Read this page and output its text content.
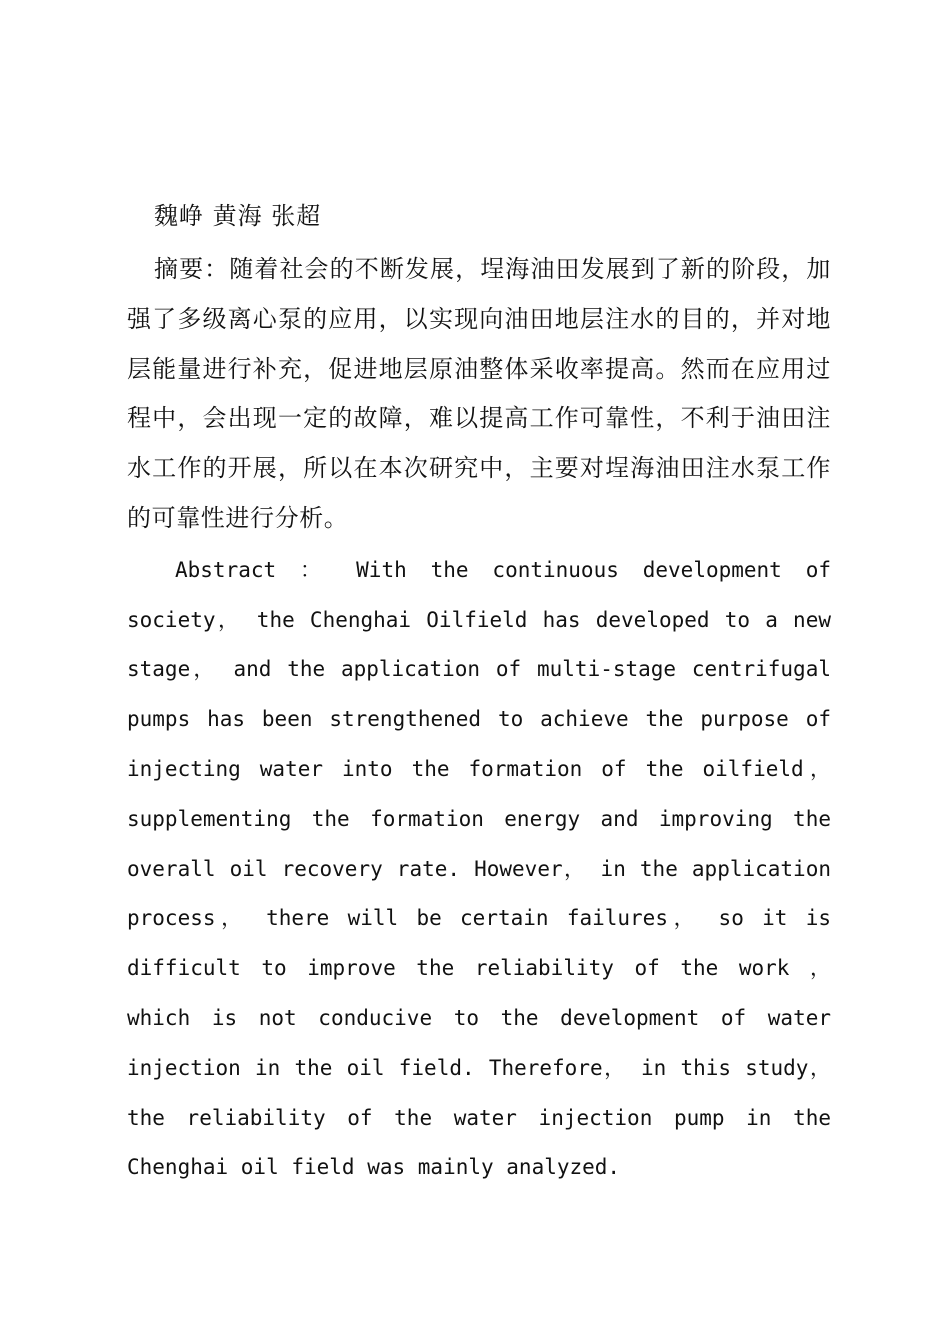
魏峥 黄海 张超

摘要：随着社会的不断发展，埕海油田发展到了新的阶段，加强了多级离心泵的应用，以实现向油田地层注水的目的，并对地层能量进行补充，促进地层原油整体采收率提高。然而在应用过程中，会出现一定的故障，难以提高工作可靠性，不利于油田注水工作的开展，所以在本次研究中，主要对埕海油田注水泵工作的可靠性进行分析。

Abstract ： With the continuous development of society， the Chenghai Oilfield has developed to a new stage， and the application of multi-stage centrifugal pumps has been strengthened to achieve the purpose of injecting water into the formation of the oilfield， supplementing the formation energy and improving the overall oil recovery rate. However， in the application process， there will be certain failures， so it is difficult to improve the reliability of the work ， which is not conducive to the development of water injection in the oil field. Therefore， in this study， the reliability of the water injection pump in the Chenghai oil field was mainly analyzed.
